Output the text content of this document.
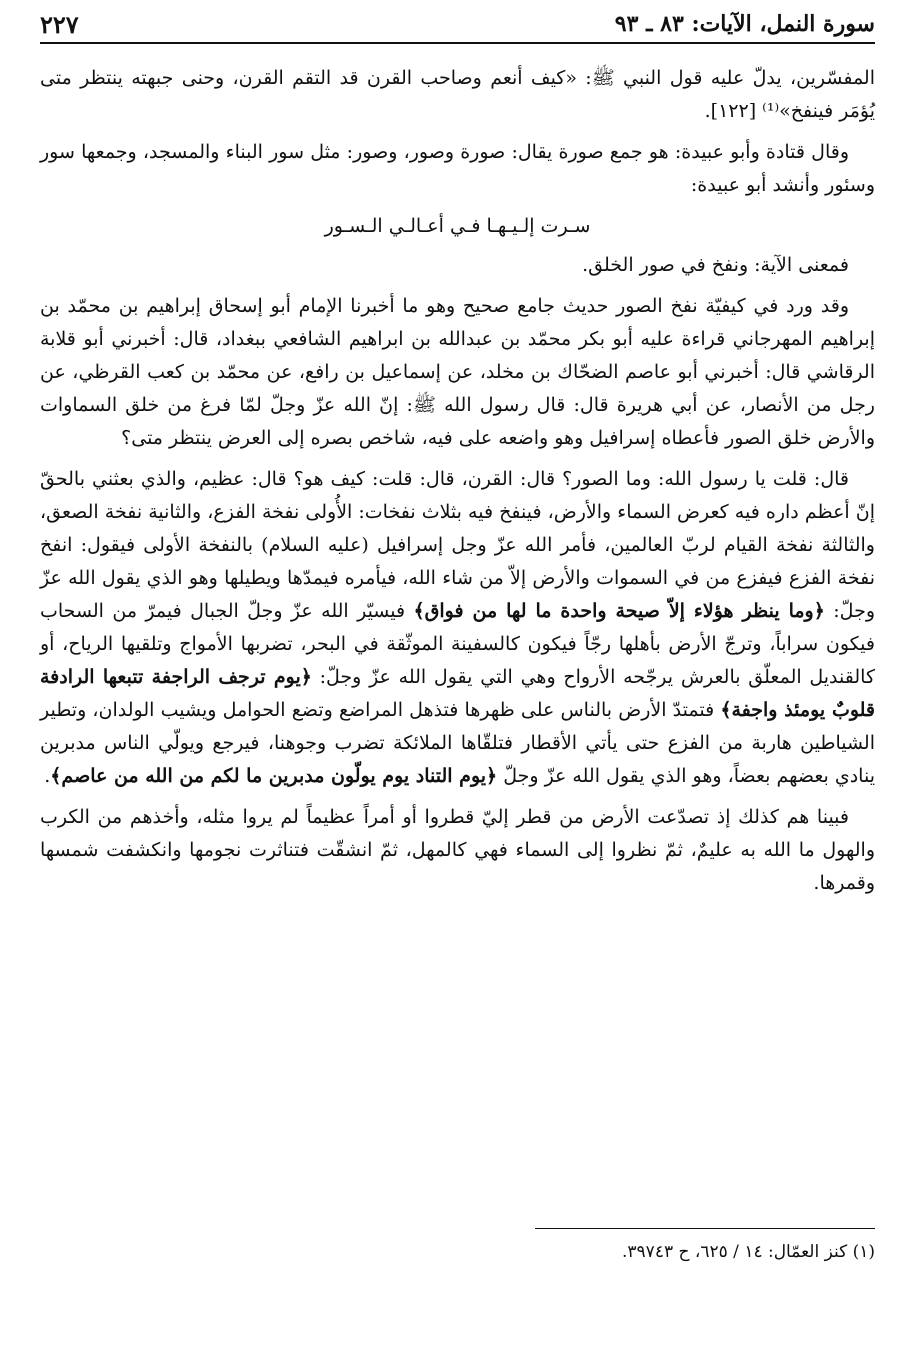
سورة النمل، الآيات: ٨٣ ـ ٩٣
٢٢٧

المفسّرين، يدلّ عليه قول النبي ﷺ: «كيف أنعم وصاحب القرن قد التقم القرن، وحنى جبهته ينتظر متى يُؤمَر فينفخ»⁽¹⁾ [١٢٢].

وقال قتادة وأبو عبيدة: هو جمع صورة يقال: صورة وصور، وصور: مثل سور البناء والمسجد، وجمعها سور وسئور وأنشد أبو عبيدة:

سـرت إلـيـهـا فـي أعـالـي الـسـور

فمعنى الآية: ونفخ في صور الخلق.

وقد ورد في كيفيّة نفخ الصور حديث جامع صحيح وهو ما أخبرنا الإمام أبو إسحاق إبراهيم بن محمّد بن إبراهيم المهرجاني قراءة عليه أبو بكر محمّد بن عبدالله بن ابراهيم الشافعي ببغداد، قال: أخبرني أبو قلابة الرقاشي قال: أخبرني أبو عاصم الضحّاك بن مخلد، عن إسماعيل بن رافع، عن محمّد بن كعب القرظي، عن رجل من الأنصار، عن أبي هريرة قال: قال رسول الله ﷺ: إنّ الله عزّ وجلّ لمّا فرغ من خلق السماوات والأرض خلق الصور فأعطاه إسرافيل وهو واضعه على فيه، شاخص بصره إلى العرض ينتظر متى؟

قال: قلت يا رسول الله: وما الصور؟ قال: القرن، قال: قلت: كيف هو؟ قال: عظيم، والذي بعثني بالحقّ إنّ أعظم داره فيه كعرض السماء والأرض، فينفخ فيه بثلاث نفخات: الأُولى نفخة الفزع، والثانية نفخة الصعق، والثالثة نفخة القيام لربّ العالمين، فأمر الله عزّ وجل إسرافيل (عليه السلام) بالنفخة الأولى فيقول: انفخ نفخة الفزع فيفزع من في السموات والأرض إلاّ من شاء الله، فيأمره فيمدّها ويطيلها وهو الذي يقول الله عزّ وجلّ: ﴿وما ينظر هؤلاء إلاّ صيحة واحدة ما لها من فواق﴾ فيسيّر الله عزّ وجلّ الجبال فيمرّ من السحاب فيكون سراباً، وترجّ الأرض بأهلها رجّاً فيكون كالسفينة الموثّقة في البحر، تضربها الأمواج وتلقيها الرياح، أو كالقنديل المعلّق بالعرش يرجّحه الأرواح وهي التي يقول الله عزّ وجلّ: ﴿يوم ترجف الراجفة تتبعها الرادفة قلوبٌ يومئذ واجفة﴾ فتمتدّ الأرض بالناس على ظهرها فتذهل المراضع وتضع الحوامل ويشيب الولدان، وتطير الشياطين هاربة من الفزع حتى يأتي الأقطار فتلقّاها الملائكة تضرب وجوهنا، فيرجع ويولّي الناس مدبرين ينادي بعضهم بعضاً، وهو الذي يقول الله عزّ وجلّ ﴿يوم التناد يوم يولّون مدبرين ما لكم من الله من عاصم﴾.

فبينا هم كذلك إذ تصدّعت الأرض من قطر إليّ قطروا أو أمراً عظيماً لم يروا مثله، وأخذهم من الكرب والهول ما الله به عليمٌ، ثمّ نظروا إلى السماء فهي كالمهل، ثمّ انشقّت فتناثرت نجومها وانكشفت شمسها وقمرها.

(١) كنز العمّال: ١٤ / ٦٢٥، ح ٣٩٧٤٣.
